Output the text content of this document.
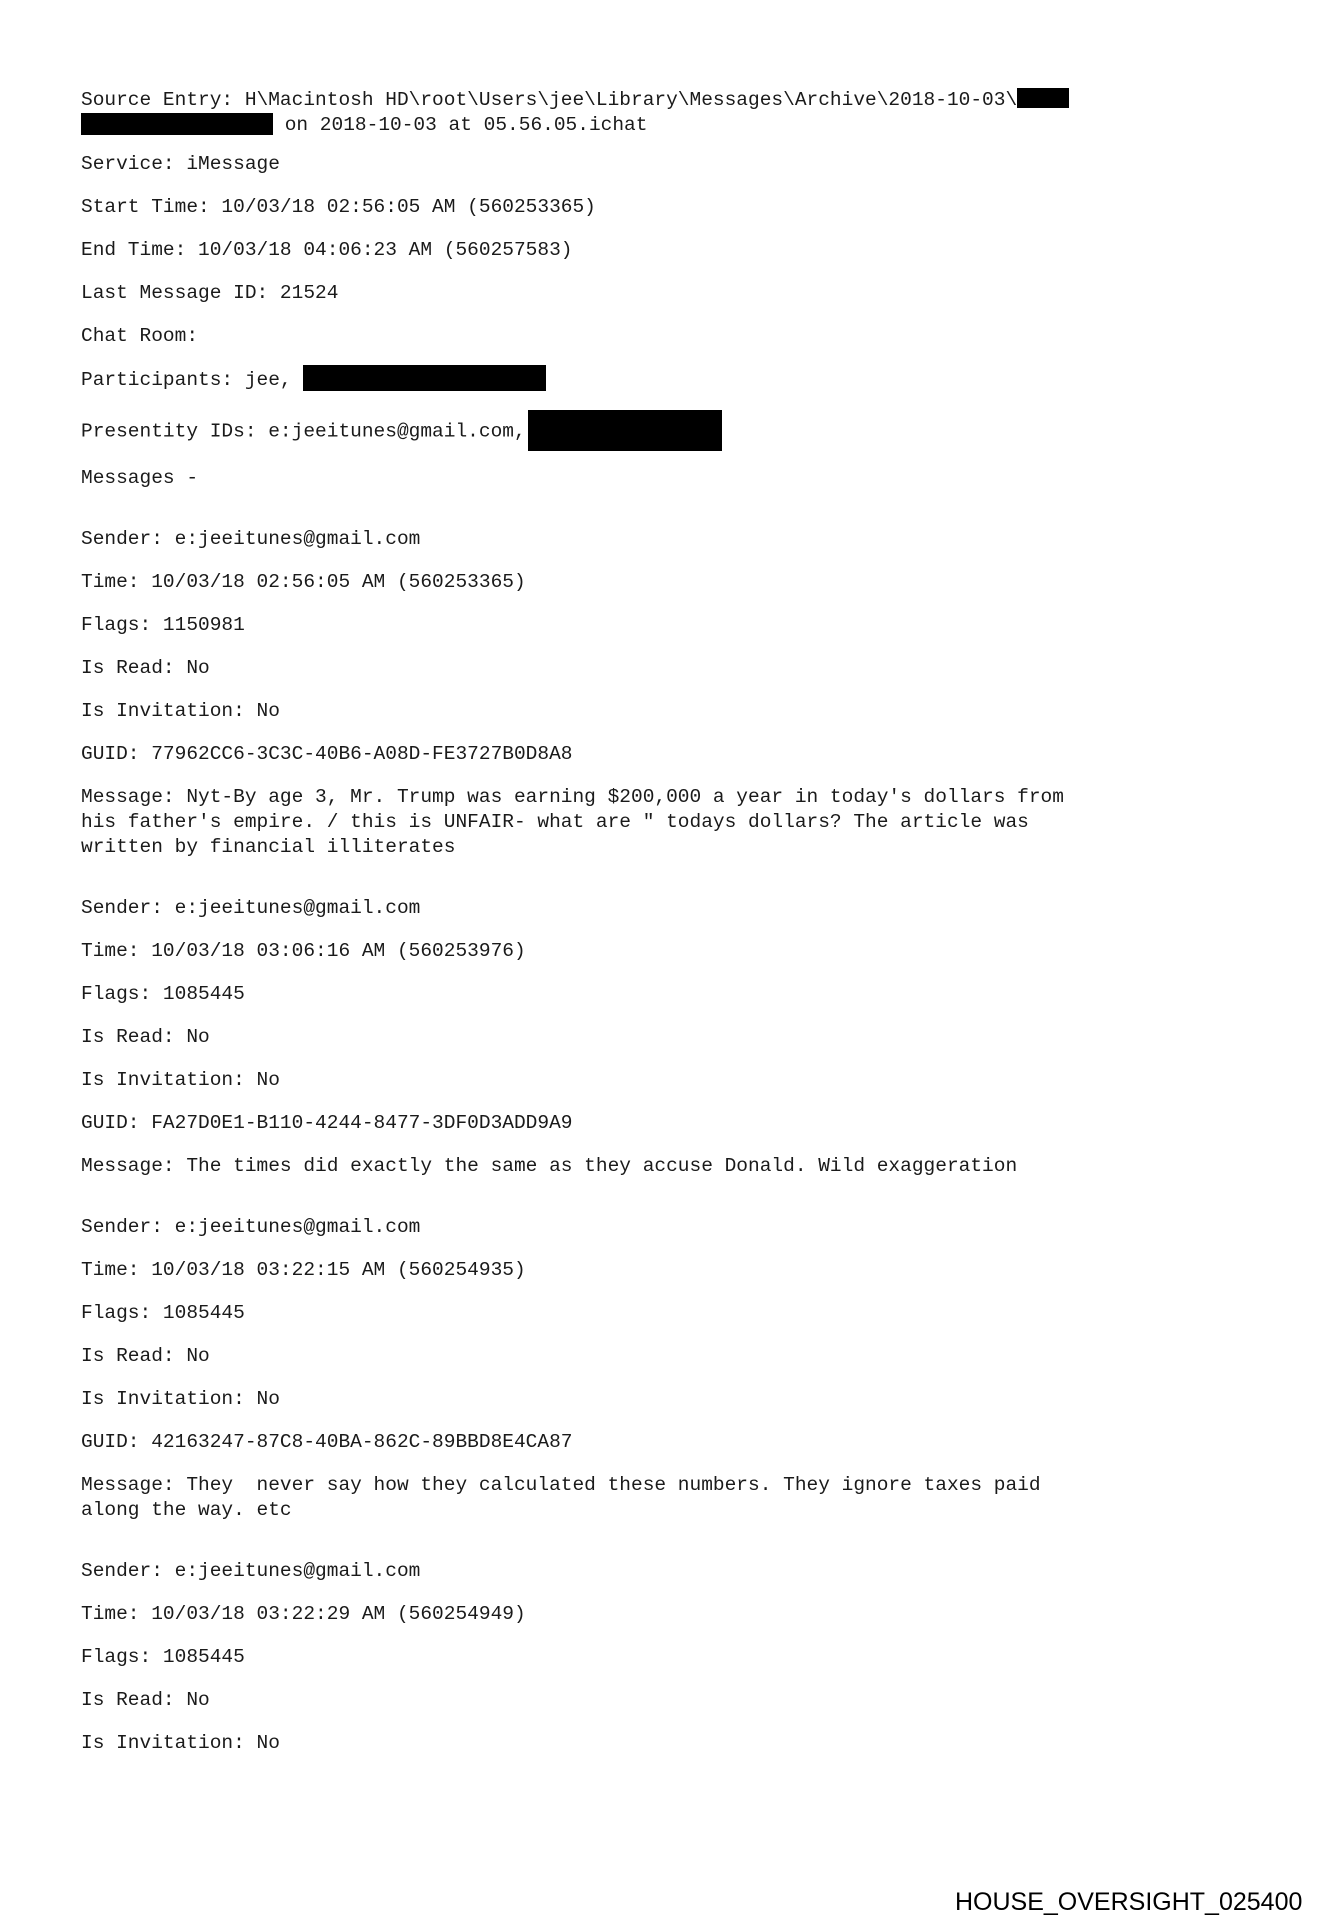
Source Entry: H\Macintosh HD\root\Users\jee\Library\Messages\Archive\2018-10-03\
on 2018-10-03 at 05.56.05.ichat
Service: iMessage
Start Time: 10/03/18 02:56:05 AM (560253365)
End Time: 10/03/18 04:06:23 AM (560257583)
Last Message ID: 21524
Chat Room:
Participants: jee,
Presentity IDs: e:jeeitunes@gmail.com,
Messages -
Sender: e:jeeitunes@gmail.com
Time: 10/03/18 02:56:05 AM (560253365)
Flags: 1150981
Is Read: No
Is Invitation: No
GUID: 77962CC6-3C3C-40B6-A08D-FE3727B0D8A8
Message: Nyt-By age 3, Mr. Trump was earning $200,000 a year in today's dollars from
his father's empire. / this is UNFAIR- what are " todays dollars? The article was
written by financial illiterates
Sender: e:jeeitunes@gmail.com
Time: 10/03/18 03:06:16 AM (560253976)
Flags: 1085445
Is Read: No
Is Invitation: No
GUID: FA27D0E1-B110-4244-8477-3DF0D3ADD9A9
Message: The times did exactly the same as they accuse Donald. Wild exaggeration
Sender: e:jeeitunes@gmail.com
Time: 10/03/18 03:22:15 AM (560254935)
Flags: 1085445
Is Read: No
Is Invitation: No
GUID: 42163247-87C8-40BA-862C-89BBD8E4CA87
Message: They  never say how they calculated these numbers. They ignore taxes paid
along the way. etc
Sender: e:jeeitunes@gmail.com
Time: 10/03/18 03:22:29 AM (560254949)
Flags: 1085445
Is Read: No
Is Invitation: No
HOUSE_OVERSIGHT_025400
